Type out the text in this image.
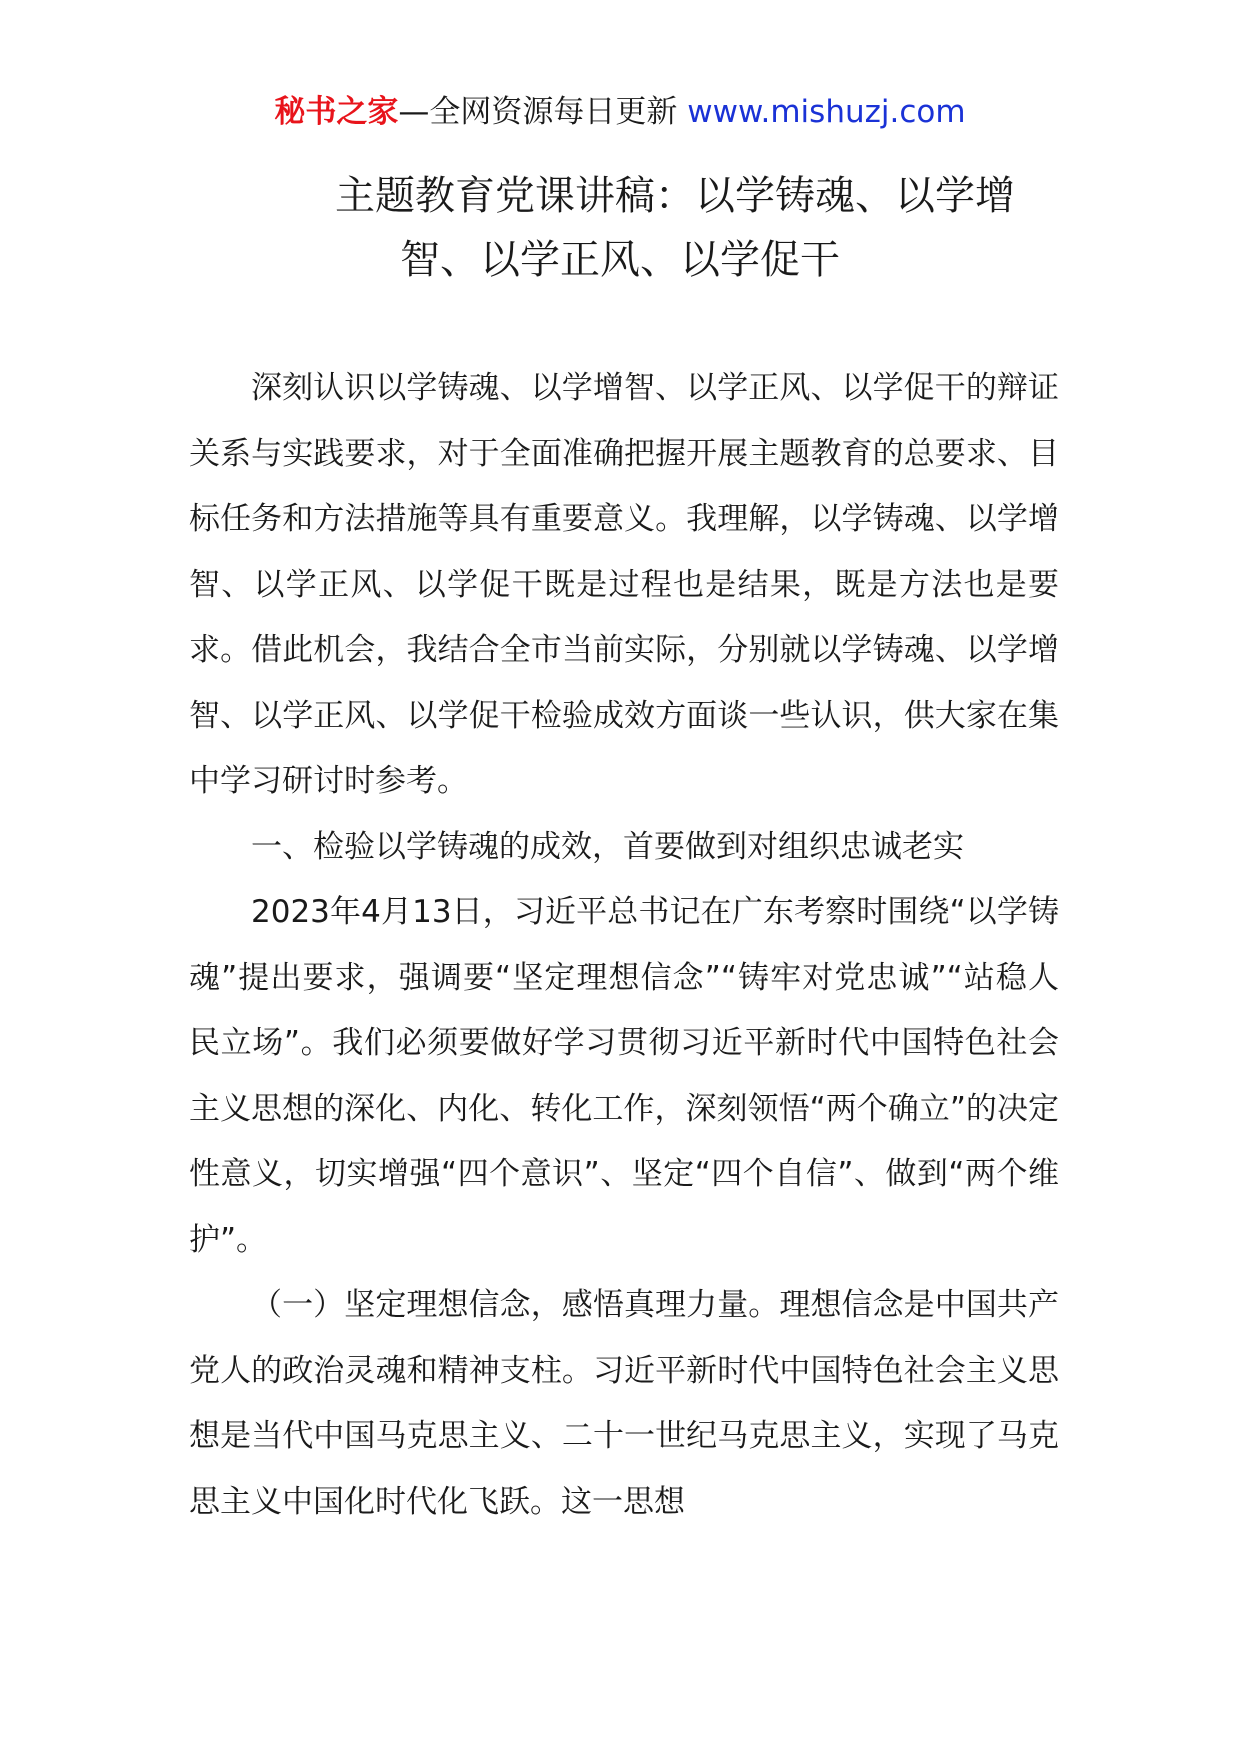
秘书之家—全网资源每日更新 www.mishuzj.com
主题教育党课讲稿：以学铸魂、以学增
智、以学正风、以学促干

深刻认识以学铸魂、以学增智、以学正风、以学促干的辩证关系与实践要求，对于全面准确把握开展主题教育的总要求、目标任务和方法措施等具有重要意义。我理解，以学铸魂、以学增智、以学正风、以学促干既是过程也是结果，既是方法也是要求。借此机会，我结合全市当前实际，分别就以学铸魂、以学增智、以学正风、以学促干检验成效方面谈一些认识，供大家在集中学习研讨时参考。

一、检验以学铸魂的成效，首要做到对组织忠诚老实

2023年4月13日，习近平总书记在广东考察时围绕“以学铸魂”提出要求，强调要“坚定理想信念”“铸牢对党忠诚”“站稳人民立场”。我们必须要做好学习贯彻习近平新时代中国特色社会主义思想的深化、内化、转化工作，深刻领悟“两个确立”的决定性意义，切实增强“四个意识”、坚定“四个自信”、做到“两个维护”。

（一）坚定理想信念，感悟真理力量。理想信念是中国共产党人的政治灵魂和精神支柱。习近平新时代中国特色社会主义思想是当代中国马克思主义、二十一世纪马克思主义，实现了马克思主义中国化时代化飞跃。这一思想
